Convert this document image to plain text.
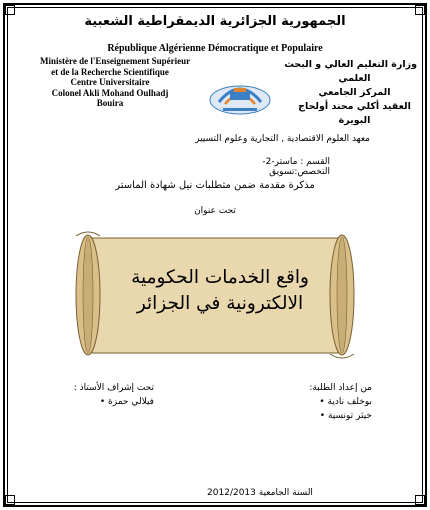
الجمهورية الجزائرية الديمقراطية الشعبية
République Algérienne Démocratique et Populaire
Ministère de l'Enseignement Supérieur
et de la Recherche Scientifique
Centre Universitaire
Colonel Akli Mohand Oulhadj
Bouira
وزارة التعليم العالي و البحث
العلمي
المركز الجامعي
العقيد أكلي محند أولحاج
البويرة
معهد العلوم الاقتصادية , التجارية وعلوم التسيير
القسم : ماستر-2-
التخصص:تسويق
مذكرة مقدمة ضمن متطلبات نيل شهادة الماستر
تحت عنوان
واقع الخدمات الحكومية الالكترونية في الجزائر
تحت إشراف الأستاذ :
فيلالي حمزة •
من إعداد الطلبة:
بوخلف نادية •
خيثر تونسية •
السنة الجامعية 2012/2013
